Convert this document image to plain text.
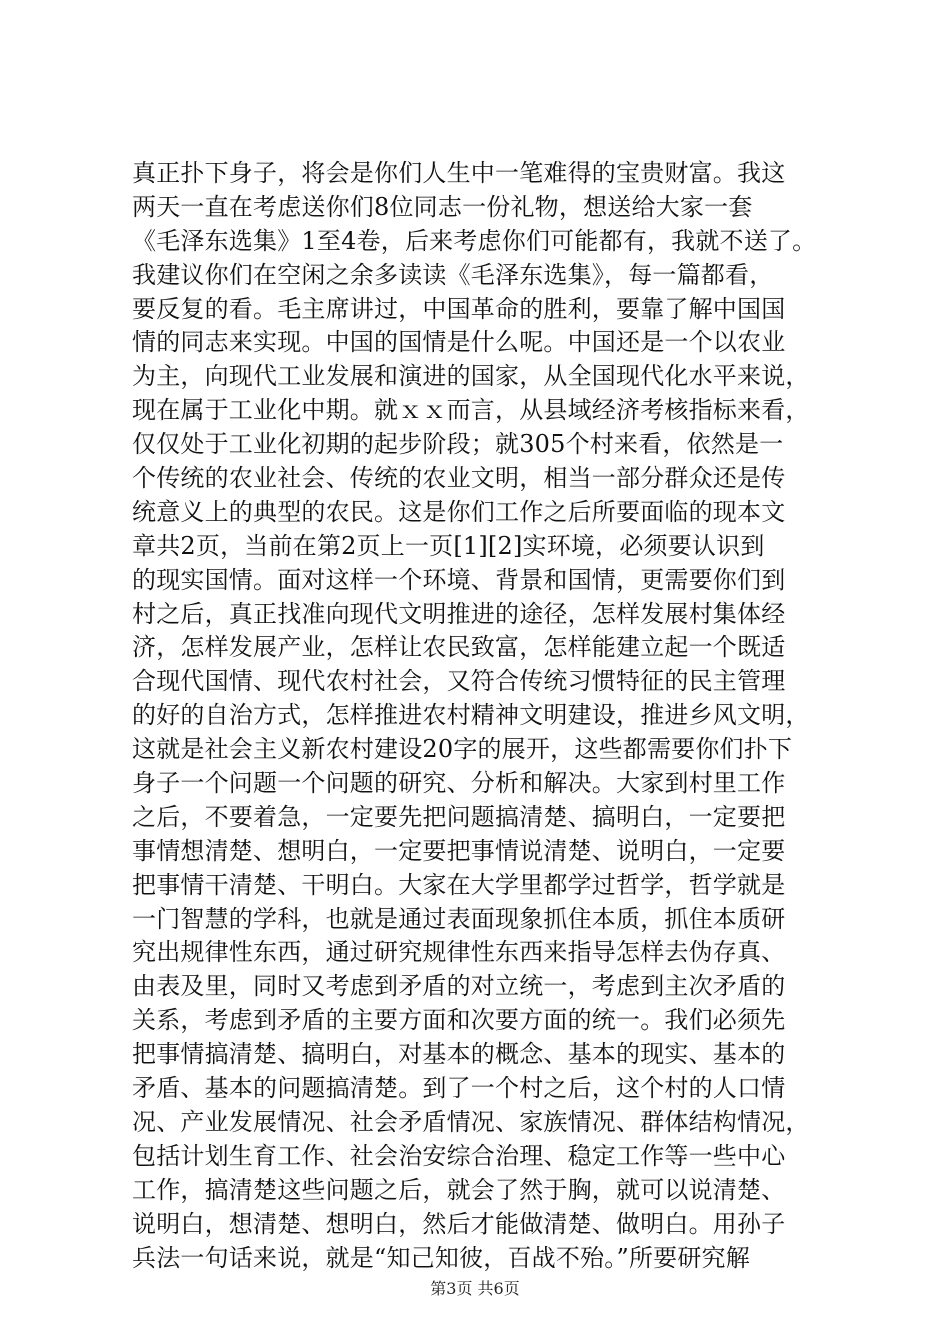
真正扑下身子，将会是你们人生中一笔难得的宝贵财富。我这
两天一直在考虑送你们8位同志一份礼物，想送给大家一套
《毛泽东选集》1至4卷，后来考虑你们可能都有，我就不送了。
我建议你们在空闲之余多读读《毛泽东选集》，每一篇都看，
要反复的看。毛主席讲过，中国革命的胜利，要靠了解中国国
情的同志来实现。中国的国情是什么呢。中国还是一个以农业
为主，向现代工业发展和演进的国家，从全国现代化水平来说，
现在属于工业化中期。就ｘｘ而言，从县域经济考核指标来看，
仅仅处于工业化初期的起步阶段；就305个村来看，依然是一
个传统的农业社会、传统的农业文明，相当一部分群众还是传
统意义上的典型的农民。这是你们工作之后所要面临的现本文
章共2页，当前在第2页上一页[1][2]实环境，必须要认识到
的现实国情。面对这样一个环境、背景和国情，更需要你们到
村之后，真正找准向现代文明推进的途径，怎样发展村集体经
济，怎样发展产业，怎样让农民致富，怎样能建立起一个既适
合现代国情、现代农村社会，又符合传统习惯特征的民主管理
的好的自治方式，怎样推进农村精神文明建设，推进乡风文明，
这就是社会主义新农村建设20字的展开，这些都需要你们扑下
身子一个问题一个问题的研究、分析和解决。大家到村里工作
之后，不要着急，一定要先把问题搞清楚、搞明白，一定要把
事情想清楚、想明白，一定要把事情说清楚、说明白，一定要
把事情干清楚、干明白。大家在大学里都学过哲学，哲学就是
一门智慧的学科，也就是通过表面现象抓住本质，抓住本质研
究出规律性东西，通过研究规律性东西来指导怎样去伪存真、
由表及里，同时又考虑到矛盾的对立统一，考虑到主次矛盾的
关系，考虑到矛盾的主要方面和次要方面的统一。我们必须先
把事情搞清楚、搞明白，对基本的概念、基本的现实、基本的
矛盾、基本的问题搞清楚。到了一个村之后，这个村的人口情
况、产业发展情况、社会矛盾情况、家族情况、群体结构情况，
包括计划生育工作、社会治安综合治理、稳定工作等一些中心
工作，搞清楚这些问题之后，就会了然于胸，就可以说清楚、
说明白，想清楚、想明白，然后才能做清楚、做明白。用孙子
兵法一句话来说，就是“知己知彼，百战不殆。”所要研究解
第3页 共6页
